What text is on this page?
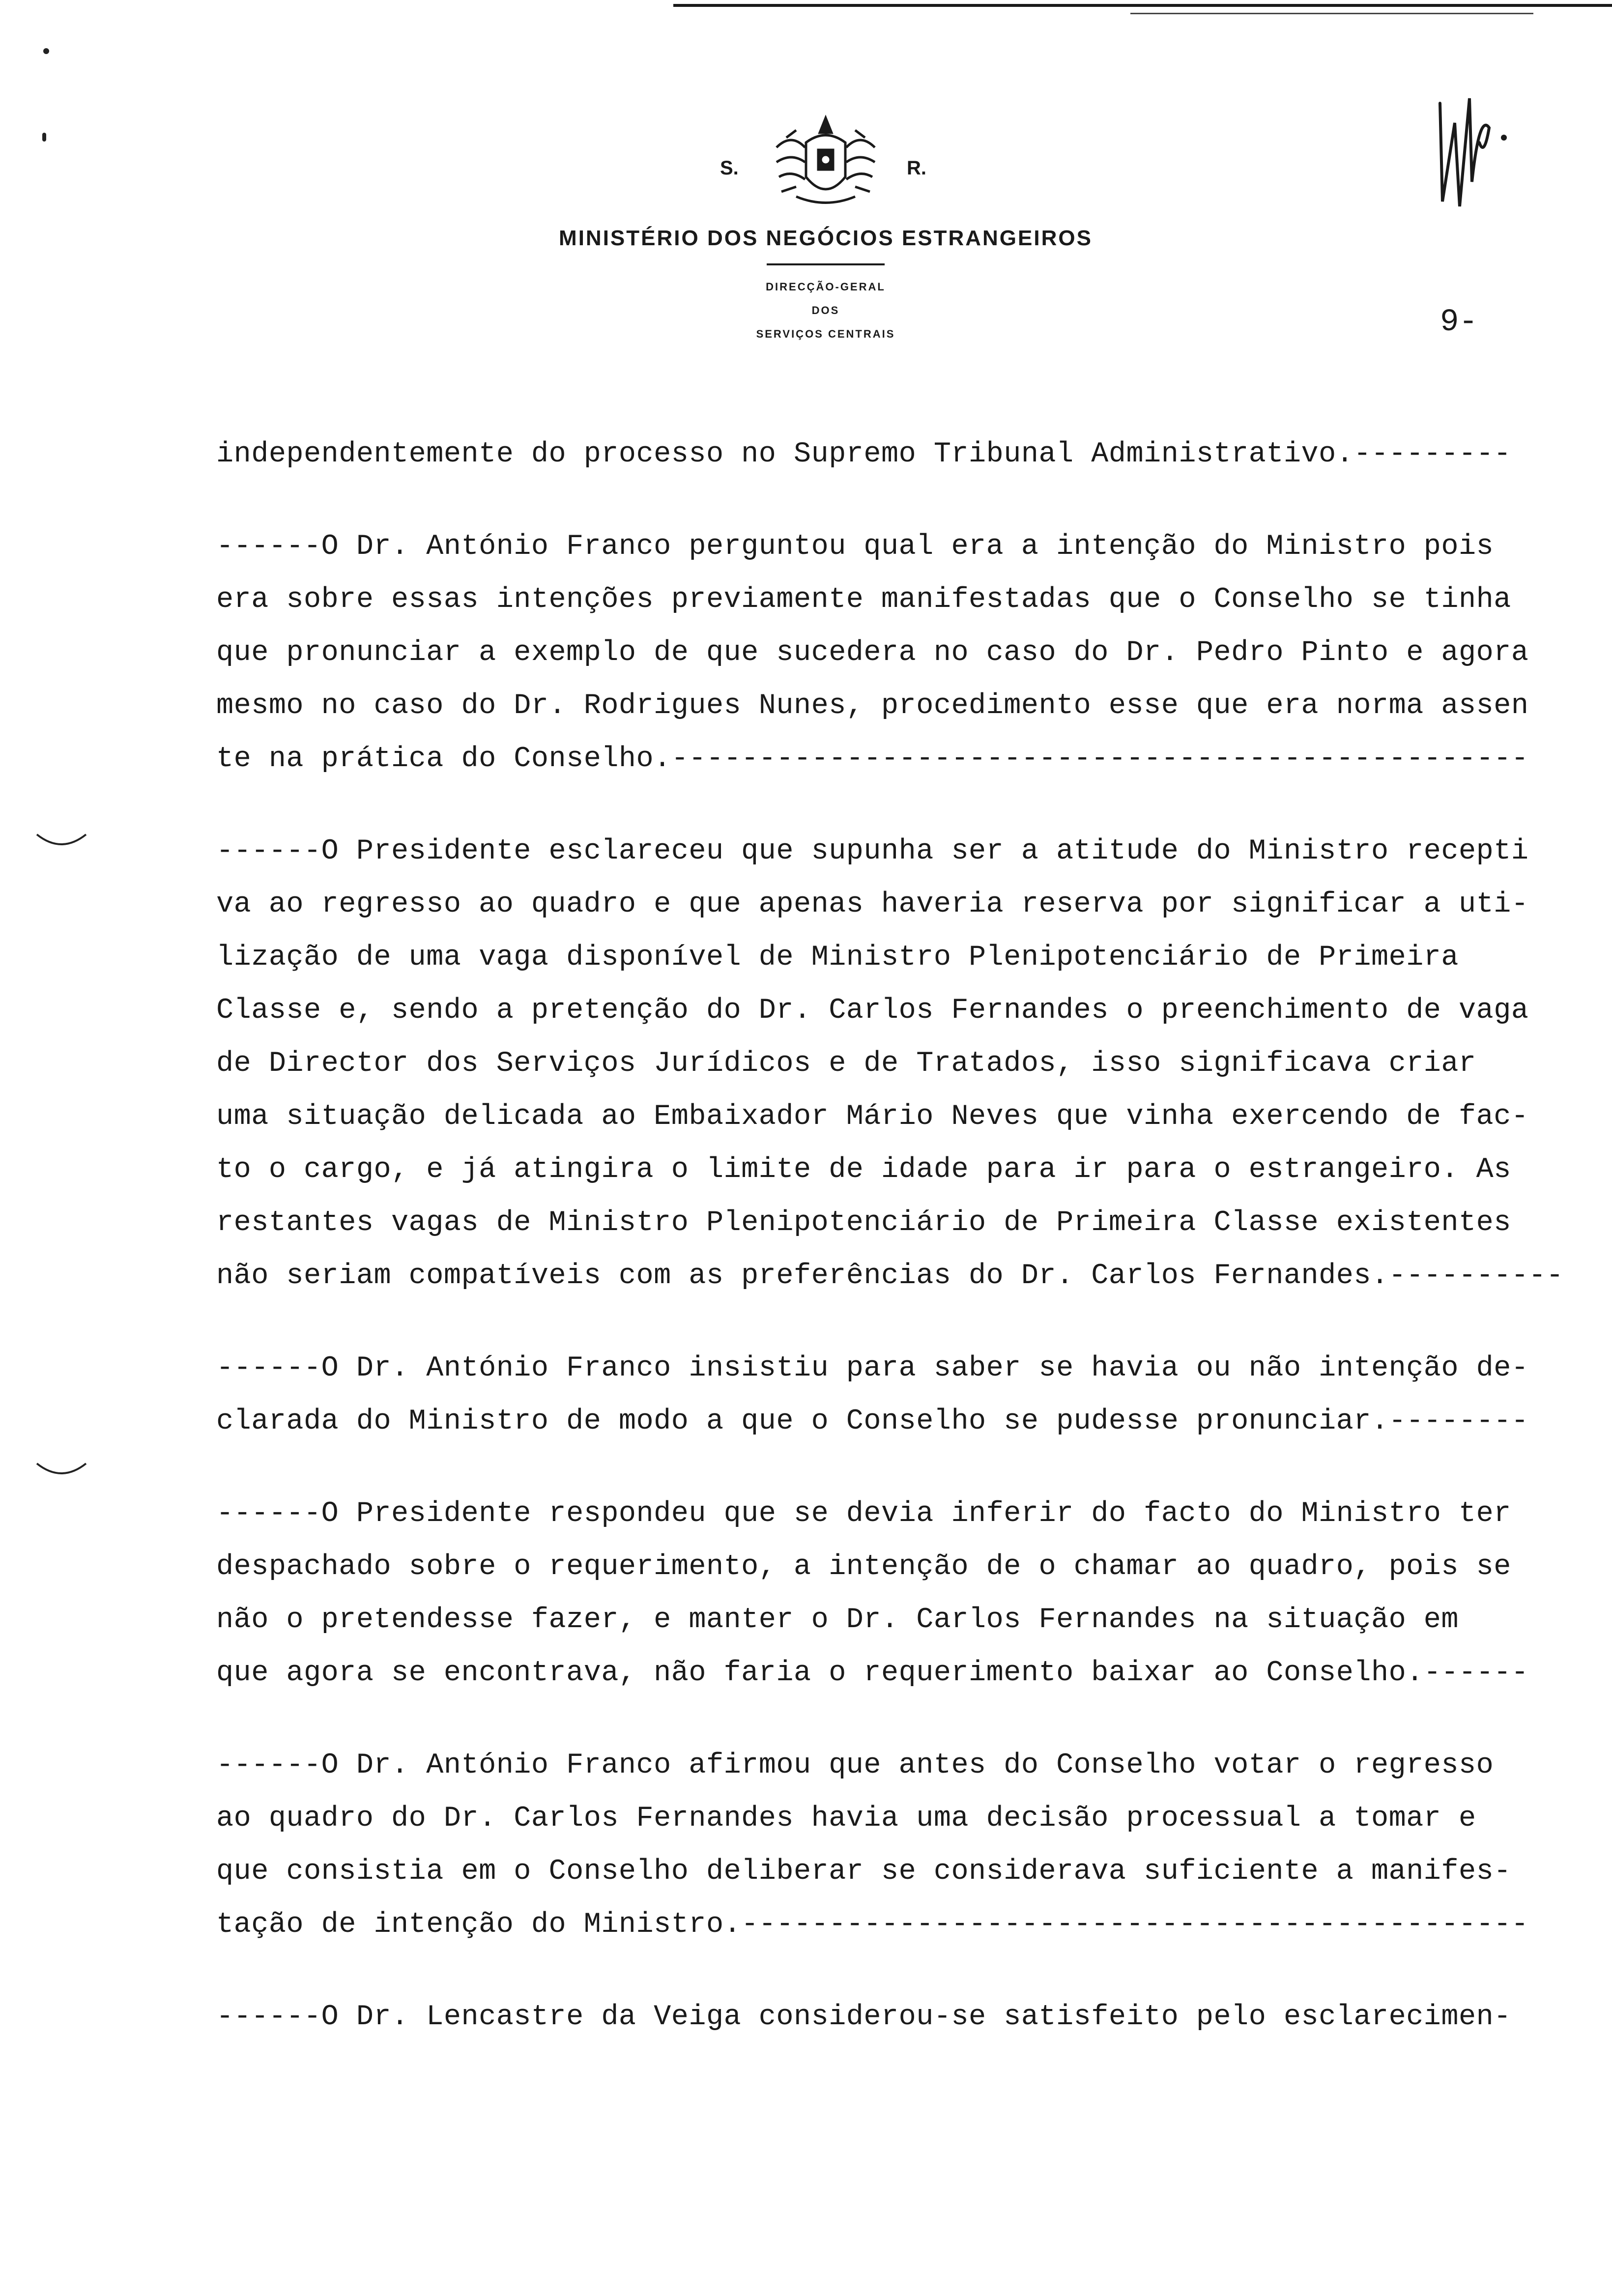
S.	R.
MINISTÉRIO DOS NEGÓCIOS ESTRANGEIROS
DIRECÇÃO-GERAL
DOS
SERVIÇOS CENTRAIS	9-
independentemente do processo no Supremo Tribunal Administrativo.---------
------O Dr. António Franco perguntou qual era a intenção do Ministro pois
era sobre essas intenções previamente manifestadas que o Conselho se tinha
que pronunciar a exemplo de que sucedera no caso do Dr. Pedro Pinto e agora
mesmo no caso do Dr. Rodrigues Nunes, procedimento esse que era norma assen
te na prática do Conselho.-------------------------------------------------
------O Presidente esclareceu que supunha ser a atitude do Ministro recepti
va ao regresso ao quadro e que apenas haveria reserva por significar a uti-
lização de uma vaga disponível de Ministro Plenipotenciário de Primeira
Classe e, sendo a pretenção do Dr. Carlos Fernandes o preenchimento de vaga
de Director dos Serviços Jurídicos e de Tratados, isso significava criar
uma situação delicada ao Embaixador Mário Neves que vinha exercendo de fac-
to o cargo, e já atingira o limite de idade para ir para o estrangeiro. As
restantes vagas de Ministro Plenipotenciário de Primeira Classe existentes
não seriam compatíveis com as preferências do Dr. Carlos Fernandes.----------
------O Dr. António Franco insistiu para saber se havia ou não intenção de-
clarada do Ministro de modo a que o Conselho se pudesse pronunciar.--------
------O Presidente respondeu que se devia inferir do facto do Ministro ter
despachado sobre o requerimento, a intenção de o chamar ao quadro, pois se
não o pretendesse fazer, e manter o Dr. Carlos Fernandes na situação em
que agora se encontrava, não faria o requerimento baixar ao Conselho.------
------O Dr. António Franco afirmou que antes do Conselho votar o regresso
ao quadro do Dr. Carlos Fernandes havia uma decisão processual a tomar e
que consistia em o Conselho deliberar se considerava suficiente a manifes-
tação de intenção do Ministro.---------------------------------------------
------O Dr. Lencastre da Veiga considerou-se satisfeito pelo esclarecimen-
